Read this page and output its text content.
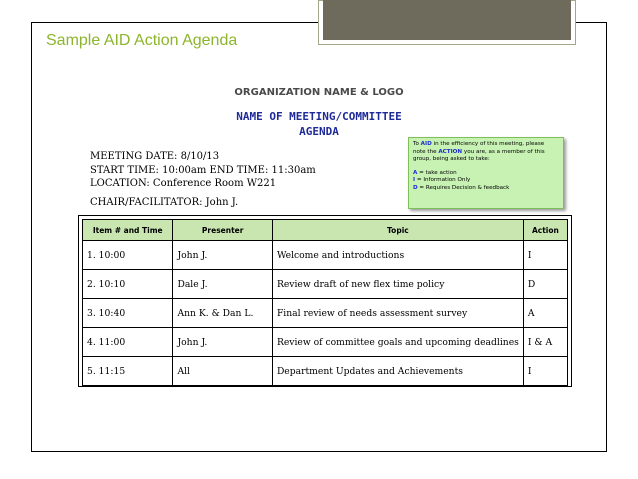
Sample AID Action Agenda
ORGANIZATION NAME & LOGO
NAME OF MEETING/COMMITTEE
AGENDA
MEETING DATE: 8/10/13
START TIME: 10:00am END TIME: 11:30am
LOCATION: Conference Room W221
CHAIR/FACILITATOR: John J.
To AID in the efficiency of this meeting, please
note the ACTION you are, as a member of this
group, being asked to take:
A = take action
I = Information Only
D = Requires Decision & feedback
Item # and Time	Presenter	Topic	Action
1. 10:00	John J.	Welcome and introductions	I
2. 10:10	Dale J.	Review draft of new flex time policy	D
3. 10:40	Ann K. & Dan L.	Final review of needs assessment survey	A
4. 11:00	John J.	Review of committee goals and upcoming deadlines	I & A
5. 11:15	All	Department Updates and Achievements	I
